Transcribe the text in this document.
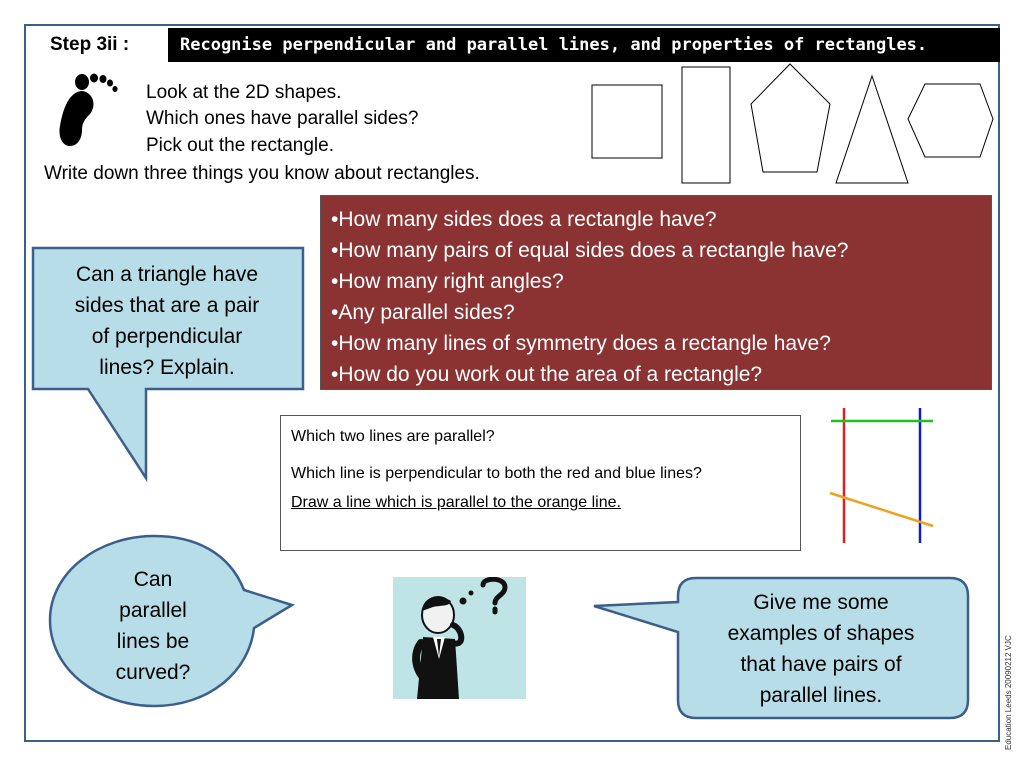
Step 3ii :	Recognise perpendicular and parallel lines, and properties of rectangles.
Look at the 2D shapes.
Which ones have parallel sides?
Pick out the rectangle.
Write down three things you know about rectangles.
•How many sides does a rectangle have?
•How many pairs of equal sides does a rectangle have?
•How many right angles?
•Any parallel sides?
•How many lines of symmetry does a rectangle have?
•How do you work out the area of a rectangle?
Can a triangle have
sides that are a pair
of perpendicular
lines? Explain.

Which two lines are parallel?

Which line is perpendicular to both the red and blue lines?

Draw a line which is parallel to the orange line.

Can
parallel
lines be
curved?
Give me some
examples of shapes
that have pairs of
parallel lines.	Education Leeds 20090212 VJC
